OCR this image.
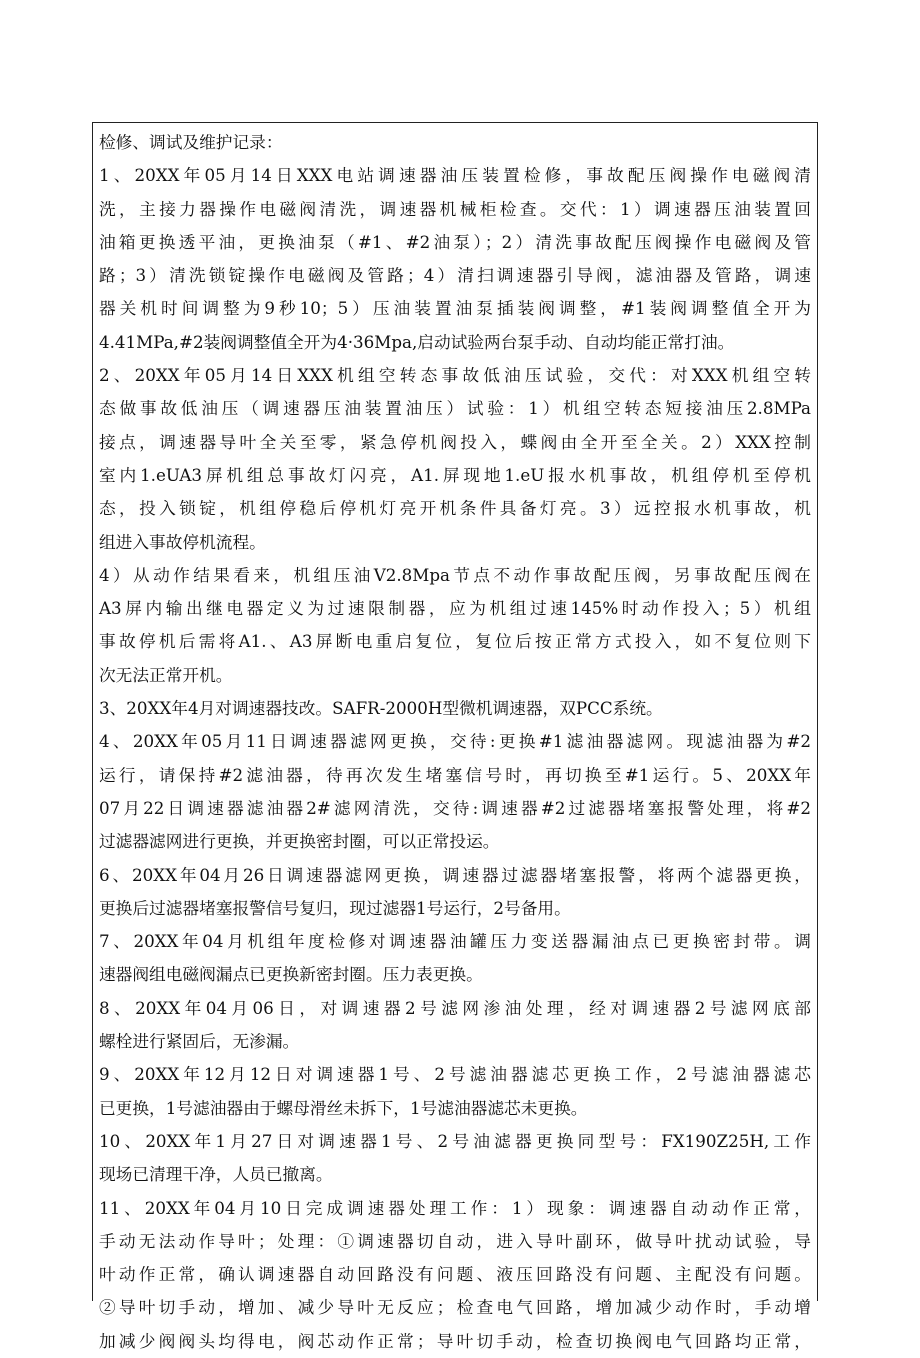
检修、调试及维护记录：
1、20XX年05月14日XXX电站调速器油压装置检修，事故配压阀操作电磁阀清
洗，主接力器操作电磁阀清洗，调速器机械柜检查。交代：1）调速器压油装置回
油箱更换透平油，更换油泵（#1、#2油泵）；2）清洗事故配压阀操作电磁阀及管
路；3）清洗锁锭操作电磁阀及管路；4）清扫调速器引导阀，滤油器及管路，调速
器关机时间调整为9秒10；5）压油装置油泵插装阀调整，#1装阀调整值全开为
4.41MPa,#2装阀调整值全开为4·36Mpa,启动试验两台泵手动、自动均能正常打油。
2、20XX年05月14日XXX机组空转态事故低油压试验，交代：对XXX机组空转
态做事故低油压（调速器压油装置油压）试验：1）机组空转态短接油压2.8MPa
接点，调速器导叶全关至零，紧急停机阀投入，蝶阀由全开至全关。2）XXX控制
室内1.eUA3屏机组总事故灯闪亮，A1.屏现地1.eU报水机事故，机组停机至停机
态，投入锁锭，机组停稳后停机灯亮开机条件具备灯亮。3）远控报水机事故，机
组进入事故停机流程。
4）从动作结果看来，机组压油V2.8Mpa节点不动作事故配压阀，另事故配压阀在
A3屏内输出继电器定义为过速限制器，应为机组过速145%时动作投入；5）机组
事故停机后需将A1.、A3屏断电重启复位，复位后按正常方式投入，如不复位则下
次无法正常开机。
3、20XX年4月对调速器技改。SAFR-2000H型微机调速器，双PCC系统。
4、20XX年05月11日调速器滤网更换，交待:更换#1滤油器滤网。现滤油器为#2
运行，请保持#2滤油器，待再次发生堵塞信号时，再切换至#1运行。5、20XX年
07月22日调速器滤油器2#滤网清洗，交待:调速器#2过滤器堵塞报警处理，将#2
过滤器滤网进行更换，并更换密封圈，可以正常投运。
6、20XX年04月26日调速器滤网更换，调速器过滤器堵塞报警，将两个滤器更换，
更换后过滤器堵塞报警信号复归，现过滤器1号运行，2号备用。
7、20XX年04月机组年度检修对调速器油罐压力变送器漏油点已更换密封带。调
速器阀组电磁阀漏点已更换新密封圈。压力表更换。
8、20XX年04月06日，对调速器2号滤网渗油处理，经对调速器2号滤网底部
螺栓进行紧固后，无渗漏。
9、20XX年12月12日对调速器1号、2号滤油器滤芯更换工作，2号滤油器滤芯
已更换，1号滤油器由于螺母滑丝未拆下，1号滤油器滤芯未更换。
10、20XX年1月27日对调速器1号、2号油滤器更换同型号：FX190Z25H,工作
现场已清理干净，人员已撤离。
11、20XX年04月10日完成调速器处理工作：1）现象：调速器自动动作正常，
手动无法动作导叶；处理：①调速器切自动，进入导叶副环，做导叶扰动试验，导
叶动作正常，确认调速器自动回路没有问题、液压回路没有问题、主配没有问题。
②导叶切手动，增加、减少导叶无反应；检查电气回路，增加减少动作时，手动增
加减少阀阀头均得电，阀芯动作正常；导叶切手动，检查切换阀电气回路均正常，
